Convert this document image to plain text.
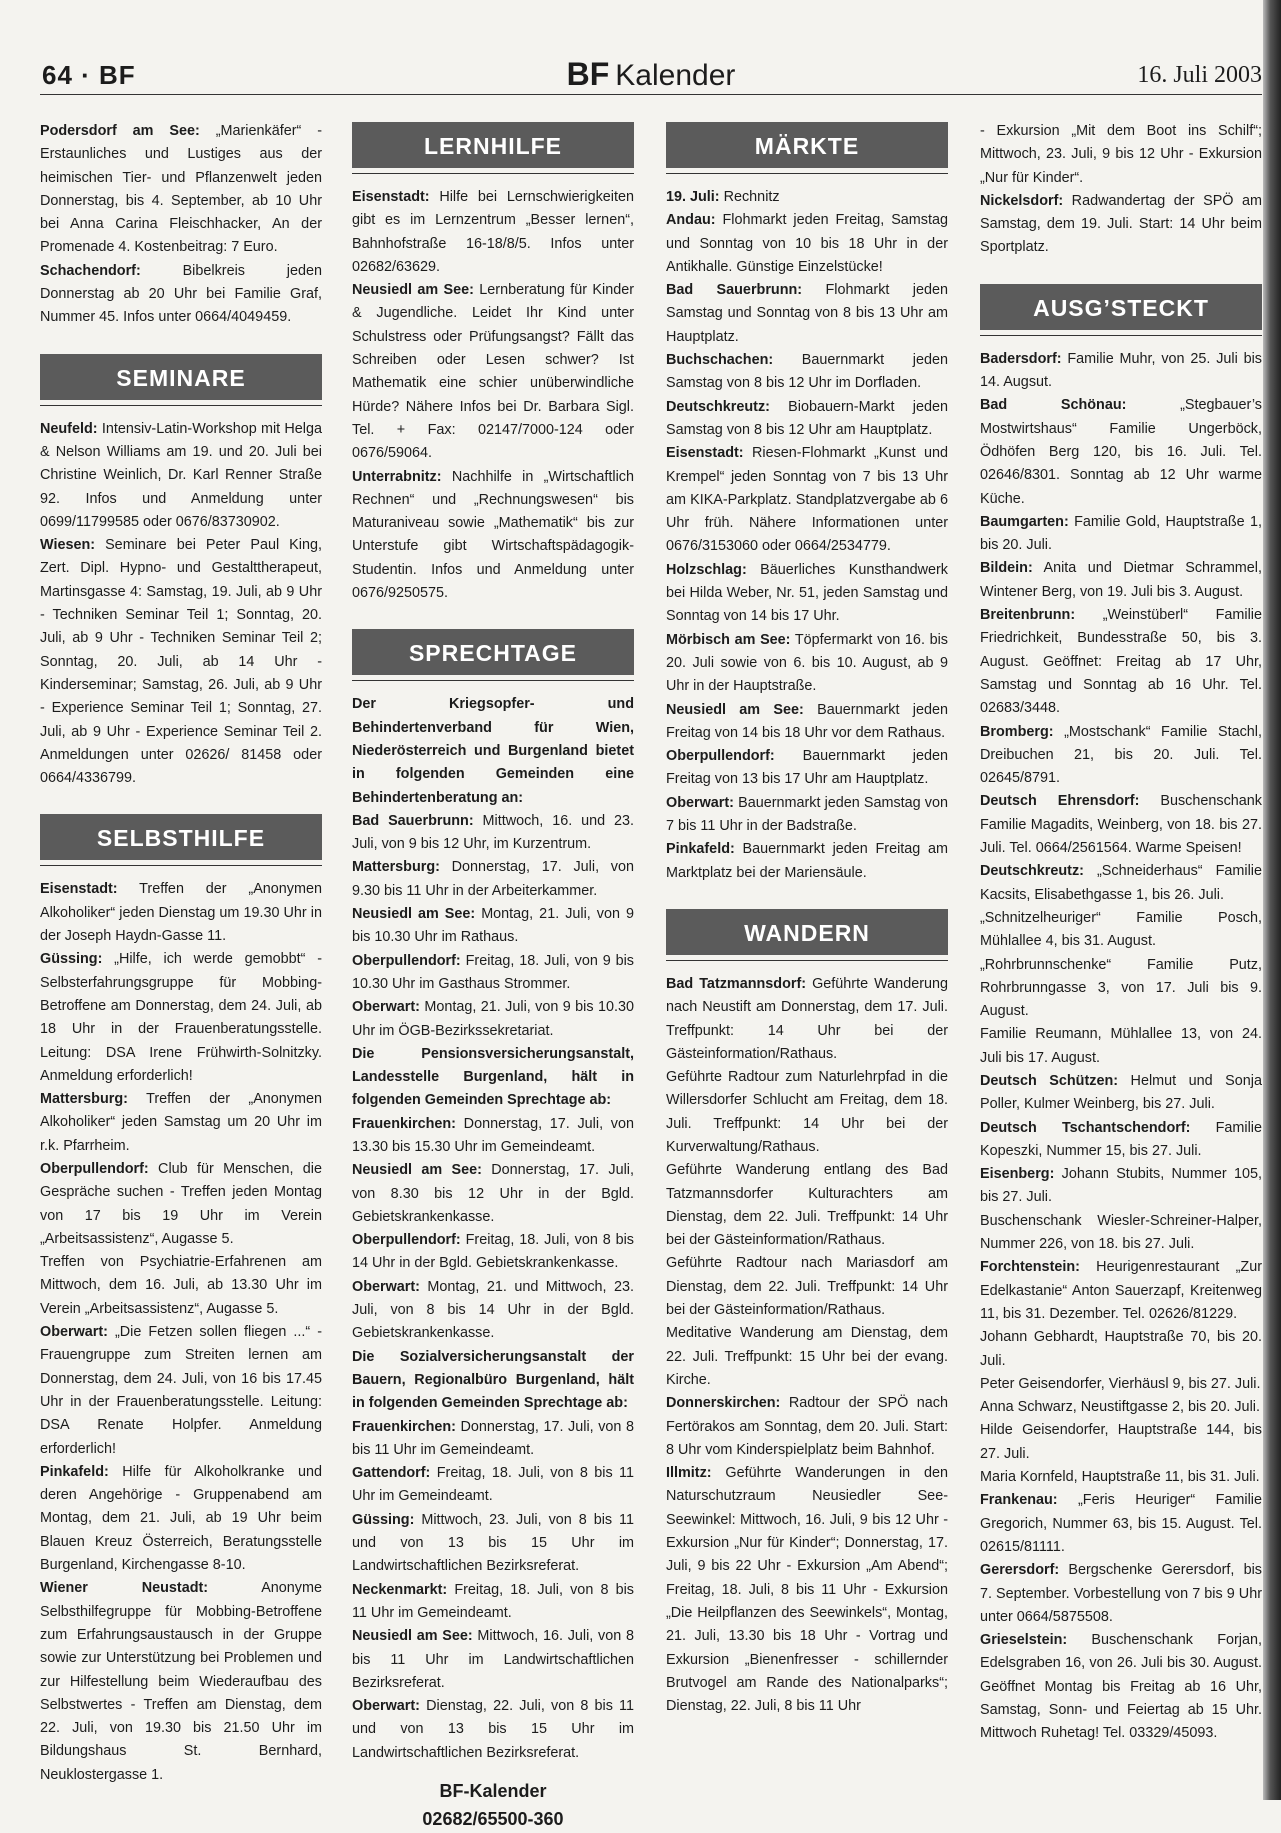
64 · BF	BF Kalender	16. Juli 2003

Podersdorf am See: „Marienkäfer“ - Erstaunliches und Lustiges aus der heimischen Tier- und Pflanzenwelt jeden Donnerstag, bis 4. September, ab 10 Uhr bei Anna Carina Fleischhacker, An der Promenade 4. Kostenbeitrag: 7 Euro.

Schachendorf: Bibelkreis jeden Donnerstag ab 20 Uhr bei Familie Graf, Nummer 45. Infos unter 0664/4049459.

SEMINARE

Neufeld: Intensiv-Latin-Workshop mit Helga & Nelson Williams am 19. und 20. Juli bei Christine Weinlich, Dr. Karl Renner Straße 92. Infos und Anmeldung unter 0699/11799585 oder 0676/83730902.

Wiesen: Seminare bei Peter Paul King, Zert. Dipl. Hypno- und Gestalttherapeut, Martinsgasse 4: Samstag, 19. Juli, ab 9 Uhr - Techniken Seminar Teil 1; Sonntag, 20. Juli, ab 9 Uhr - Techniken Seminar Teil 2; Sonntag, 20. Juli, ab 14 Uhr - Kinderseminar; Samstag, 26. Juli, ab 9 Uhr - Experience Seminar Teil 1; Sonntag, 27. Juli, ab 9 Uhr - Experience Seminar Teil 2. Anmeldungen unter 02626/ 81458 oder 0664/4336799.

SELBSTHILFE

Eisenstadt: Treffen der „Anonymen Alkoholiker“ jeden Dienstag um 19.30 Uhr in der Joseph Haydn-Gasse 11.

Güssing: „Hilfe, ich werde gemobbt“ - Selbsterfahrungsgruppe für Mobbing-Betroffene am Donnerstag, dem 24. Juli, ab 18 Uhr in der Frauenberatungsstelle. Leitung: DSA Irene Frühwirth-Solnitzky. Anmeldung erforderlich!

Mattersburg: Treffen der „Anonymen Alkoholiker“ jeden Samstag um 20 Uhr im r.k. Pfarrheim.

Oberpullendorf: Club für Menschen, die Gespräche suchen - Treffen jeden Montag von 17 bis 19 Uhr im Verein „Arbeitsassistenz“, Augasse 5.

Treffen von Psychiatrie-Erfahrenen am Mittwoch, dem 16. Juli, ab 13.30 Uhr im Verein „Arbeitsassistenz“, Augasse 5.

Oberwart: „Die Fetzen sollen fliegen ...“ - Frauengruppe zum Streiten lernen am Donnerstag, dem 24. Juli, von 16 bis 17.45 Uhr in der Frauenberatungsstelle. Leitung: DSA Renate Holpfer. Anmeldung erforderlich!

Pinkafeld: Hilfe für Alkoholkranke und deren Angehörige - Gruppenabend am Montag, dem 21. Juli, ab 19 Uhr beim Blauen Kreuz Österreich, Beratungsstelle Burgenland, Kirchengasse 8-10.

Wiener Neustadt: Anonyme Selbsthilfegruppe für Mobbing-Betroffene zum Erfahrungsaustausch in der Gruppe sowie zur Unterstützung bei Problemen und zur Hilfestellung beim Wiederaufbau des Selbstwertes - Treffen am Dienstag, dem 22. Juli, von 19.30 bis 21.50 Uhr im Bildungshaus St. Bernhard, Neuklostergasse 1.

LERNHILFE

Eisenstadt: Hilfe bei Lernschwierigkeiten gibt es im Lernzentrum „Besser lernen“, Bahnhofstraße 16-18/8/5. Infos unter 02682/63629.

Neusiedl am See: Lernberatung für Kinder & Jugendliche. Leidet Ihr Kind unter Schulstress oder Prüfungsangst? Fällt das Schreiben oder Lesen schwer? Ist Mathematik eine schier unüberwindliche Hürde? Nähere Infos bei Dr. Barbara Sigl. Tel. + Fax: 02147/7000-124 oder 0676/59064.

Unterrabnitz: Nachhilfe in „Wirtschaftlich Rechnen“ und „Rechnungswesen“ bis Maturaniveau sowie „Mathematik“ bis zur Unterstufe gibt Wirtschaftspädagogik-Studentin. Infos und Anmeldung unter 0676/9250575.

SPRECHTAGE

Der Kriegsopfer- und Behindertenverband für Wien, Niederösterreich und Burgenland bietet in folgenden Gemeinden eine Behindertenberatung an:

Bad Sauerbrunn: Mittwoch, 16. und 23. Juli, von 9 bis 12 Uhr, im Kurzentrum.

Mattersburg: Donnerstag, 17. Juli, von 9.30 bis 11 Uhr in der Arbeiterkammer.

Neusiedl am See: Montag, 21. Juli, von 9 bis 10.30 Uhr im Rathaus.

Oberpullendorf: Freitag, 18. Juli, von 9 bis 10.30 Uhr im Gasthaus Strommer.

Oberwart: Montag, 21. Juli, von 9 bis 10.30 Uhr im ÖGB-Bezirkssekretariat.

Die Pensionsversicherungsanstalt, Landesstelle Burgenland, hält in folgenden Gemeinden Sprechtage ab:

Frauenkirchen: Donnerstag, 17. Juli, von 13.30 bis 15.30 Uhr im Gemeindeamt.

Neusiedl am See: Donnerstag, 17. Juli, von 8.30 bis 12 Uhr in der Bgld. Gebietskrankenkasse.

Oberpullendorf: Freitag, 18. Juli, von 8 bis 14 Uhr in der Bgld. Gebietskrankenkasse.

Oberwart: Montag, 21. und Mittwoch, 23. Juli, von 8 bis 14 Uhr in der Bgld. Gebietskrankenkasse.

Die Sozialversicherungsanstalt der Bauern, Regionalbüro Burgenland, hält in folgenden Gemeinden Sprechtage ab:

Frauenkirchen: Donnerstag, 17. Juli, von 8 bis 11 Uhr im Gemeindeamt.

Gattendorf: Freitag, 18. Juli, von 8 bis 11 Uhr im Gemeindeamt.

Güssing: Mittwoch, 23. Juli, von 8 bis 11 und von 13 bis 15 Uhr im Landwirtschaftlichen Bezirksreferat.

Neckenmarkt: Freitag, 18. Juli, von 8 bis 11 Uhr im Gemeindeamt.

Neusiedl am See: Mittwoch, 16. Juli, von 8 bis 11 Uhr im Landwirtschaftlichen Bezirksreferat.

Oberwart: Dienstag, 22. Juli, von 8 bis 11 und von 13 bis 15 Uhr im Landwirtschaftlichen Bezirksreferat.

BF-Kalender
02682/65500-360
MÄRKTE

19. Juli: Rechnitz

Andau: Flohmarkt jeden Freitag, Samstag und Sonntag von 10 bis 18 Uhr in der Antikhalle. Günstige Einzelstücke!

Bad Sauerbrunn: Flohmarkt jeden Samstag und Sonntag von 8 bis 13 Uhr am Hauptplatz.

Buchschachen: Bauernmarkt jeden Samstag von 8 bis 12 Uhr im Dorfladen.

Deutschkreutz: Biobauern-Markt jeden Samstag von 8 bis 12 Uhr am Hauptplatz.

Eisenstadt: Riesen-Flohmarkt „Kunst und Krempel“ jeden Sonntag von 7 bis 13 Uhr am KIKA-Parkplatz. Standplatzvergabe ab 6 Uhr früh. Nähere Informationen unter 0676/3153060 oder 0664/2534779.

Holzschlag: Bäuerliches Kunsthandwerk bei Hilda Weber, Nr. 51, jeden Samstag und Sonntag von 14 bis 17 Uhr.

Mörbisch am See: Töpfermarkt von 16. bis 20. Juli sowie von 6. bis 10. August, ab 9 Uhr in der Hauptstraße.

Neusiedl am See: Bauernmarkt jeden Freitag von 14 bis 18 Uhr vor dem Rathaus.

Oberpullendorf: Bauernmarkt jeden Freitag von 13 bis 17 Uhr am Hauptplatz.

Oberwart: Bauernmarkt jeden Samstag von 7 bis 11 Uhr in der Badstraße.

Pinkafeld: Bauernmarkt jeden Freitag am Marktplatz bei der Mariensäule.

WANDERN

Bad Tatzmannsdorf: Geführte Wanderung nach Neustift am Donnerstag, dem 17. Juli. Treffpunkt: 14 Uhr bei der Gästeinformation/Rathaus.

Geführte Radtour zum Naturlehrpfad in die Willersdorfer Schlucht am Freitag, dem 18. Juli. Treffpunkt: 14 Uhr bei der Kurverwaltung/Rathaus.

Geführte Wanderung entlang des Bad Tatzmannsdorfer Kulturachters am Dienstag, dem 22. Juli. Treffpunkt: 14 Uhr bei der Gästeinformation/Rathaus.

Geführte Radtour nach Mariasdorf am Dienstag, dem 22. Juli. Treffpunkt: 14 Uhr bei der Gästeinformation/Rathaus.

Meditative Wanderung am Dienstag, dem 22. Juli. Treffpunkt: 15 Uhr bei der evang. Kirche.

Donnerskirchen: Radtour der SPÖ nach Fertörakos am Sonntag, dem 20. Juli. Start: 8 Uhr vom Kinderspielplatz beim Bahnhof.

Illmitz: Geführte Wanderungen in den Naturschutzraum Neusiedler See-Seewinkel: Mittwoch, 16. Juli, 9 bis 12 Uhr - Exkursion „Nur für Kinder“; Donnerstag, 17. Juli, 9 bis 22 Uhr - Exkursion „Am Abend“; Freitag, 18. Juli, 8 bis 11 Uhr - Exkursion „Die Heilpflanzen des Seewinkels“, Montag, 21. Juli, 13.30 bis 18 Uhr - Vortrag und Exkursion „Bienenfresser - schillernder Brutvogel am Rande des Nationalparks“; Dienstag, 22. Juli, 8 bis 11 Uhr

- Exkursion „Mit dem Boot ins Schilf“; Mittwoch, 23. Juli, 9 bis 12 Uhr - Exkursion „Nur für Kinder“.

Nickelsdorf: Radwandertag der SPÖ am Samstag, dem 19. Juli. Start: 14 Uhr beim Sportplatz.

AUSG’STECKT

Badersdorf: Familie Muhr, von 25. Juli bis 14. Augsut.

Bad Schönau: „Stegbauer’s Mostwirtshaus“ Familie Ungerböck, Ödhöfen Berg 120, bis 16. Juli. Tel. 02646/8301. Sonntag ab 12 Uhr warme Küche.

Baumgarten: Familie Gold, Hauptstraße 1, bis 20. Juli.

Bildein: Anita und Dietmar Schrammel, Wintener Berg, von 19. Juli bis 3. August.

Breitenbrunn: „Weinstüberl“ Familie Friedrichkeit, Bundesstraße 50, bis 3. August. Geöffnet: Freitag ab 17 Uhr, Samstag und Sonntag ab 16 Uhr. Tel. 02683/3448.

Bromberg: „Mostschank“ Familie Stachl, Dreibuchen 21, bis 20. Juli. Tel. 02645/8791.

Deutsch Ehrensdorf: Buschenschank Familie Magadits, Weinberg, von 18. bis 27. Juli. Tel. 0664/2561564. Warme Speisen!

Deutschkreutz: „Schneiderhaus“ Familie Kacsits, Elisabethgasse 1, bis 26. Juli.

„Schnitzelheuriger“ Familie Posch, Mühlallee 4, bis 31. August.

„Rohrbrunnschenke“ Familie Putz, Rohrbrunngasse 3, von 17. Juli bis 9. August.

Familie Reumann, Mühlallee 13, von 24. Juli bis 17. August.

Deutsch Schützen: Helmut und Sonja Poller, Kulmer Weinberg, bis 27. Juli.

Deutsch Tschantschendorf: Familie Kopeszki, Nummer 15, bis 27. Juli.

Eisenberg: Johann Stubits, Nummer 105, bis 27. Juli.

Buschenschank Wiesler-Schreiner-Halper, Nummer 226, von 18. bis 27. Juli.

Forchtenstein: Heurigenrestaurant „Zur Edelkastanie“ Anton Sauerzapf, Kreitenweg 11, bis 31. Dezember. Tel. 02626/81229.

Johann Gebhardt, Hauptstraße 70, bis 20. Juli.

Peter Geisendorfer, Vierhäusl 9, bis 27. Juli.

Anna Schwarz, Neustiftgasse 2, bis 20. Juli.

Hilde Geisendorfer, Hauptstraße 144, bis 27. Juli.

Maria Kornfeld, Hauptstraße 11, bis 31. Juli.

Frankenau: „Feris Heuriger“ Familie Gregorich, Nummer 63, bis 15. August. Tel. 02615/81111.

Gerersdorf: Bergschenke Gerersdorf, bis 7. September. Vorbestellung von 7 bis 9 Uhr unter 0664/5875508.

Grieselstein: Buschenschank Forjan, Edelsgraben 16, von 26. Juli bis 30. August. Geöffnet Montag bis Freitag ab 16 Uhr, Samstag, Sonn- und Feiertag ab 15 Uhr. Mittwoch Ruhetag! Tel. 03329/45093.
